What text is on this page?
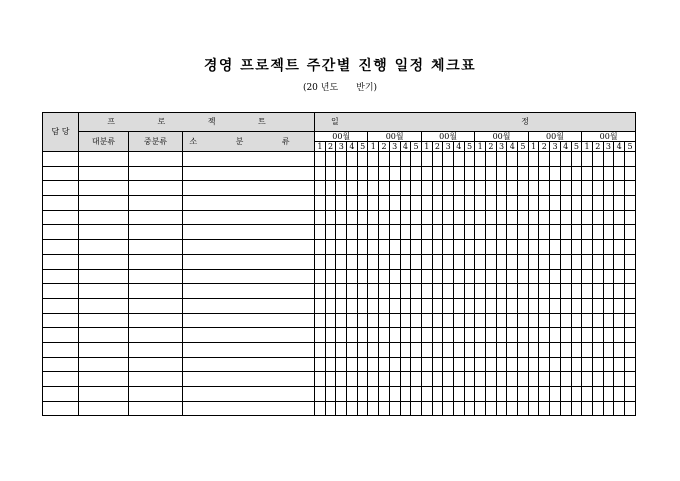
경영 프로젝트 주간별 진행 일정 체크표
(20 년도 반기)
담 당	프 로 젝 트			일 정																													
	대분류	중분류	소 분 류	00월					00월					00월					00월					00월					00월				
				1	2	3	4	5	1	2	3	4	5	1	2	3	4	5	1	2	3	4	5	1	2	3	4	5	1	2	3	4	5
